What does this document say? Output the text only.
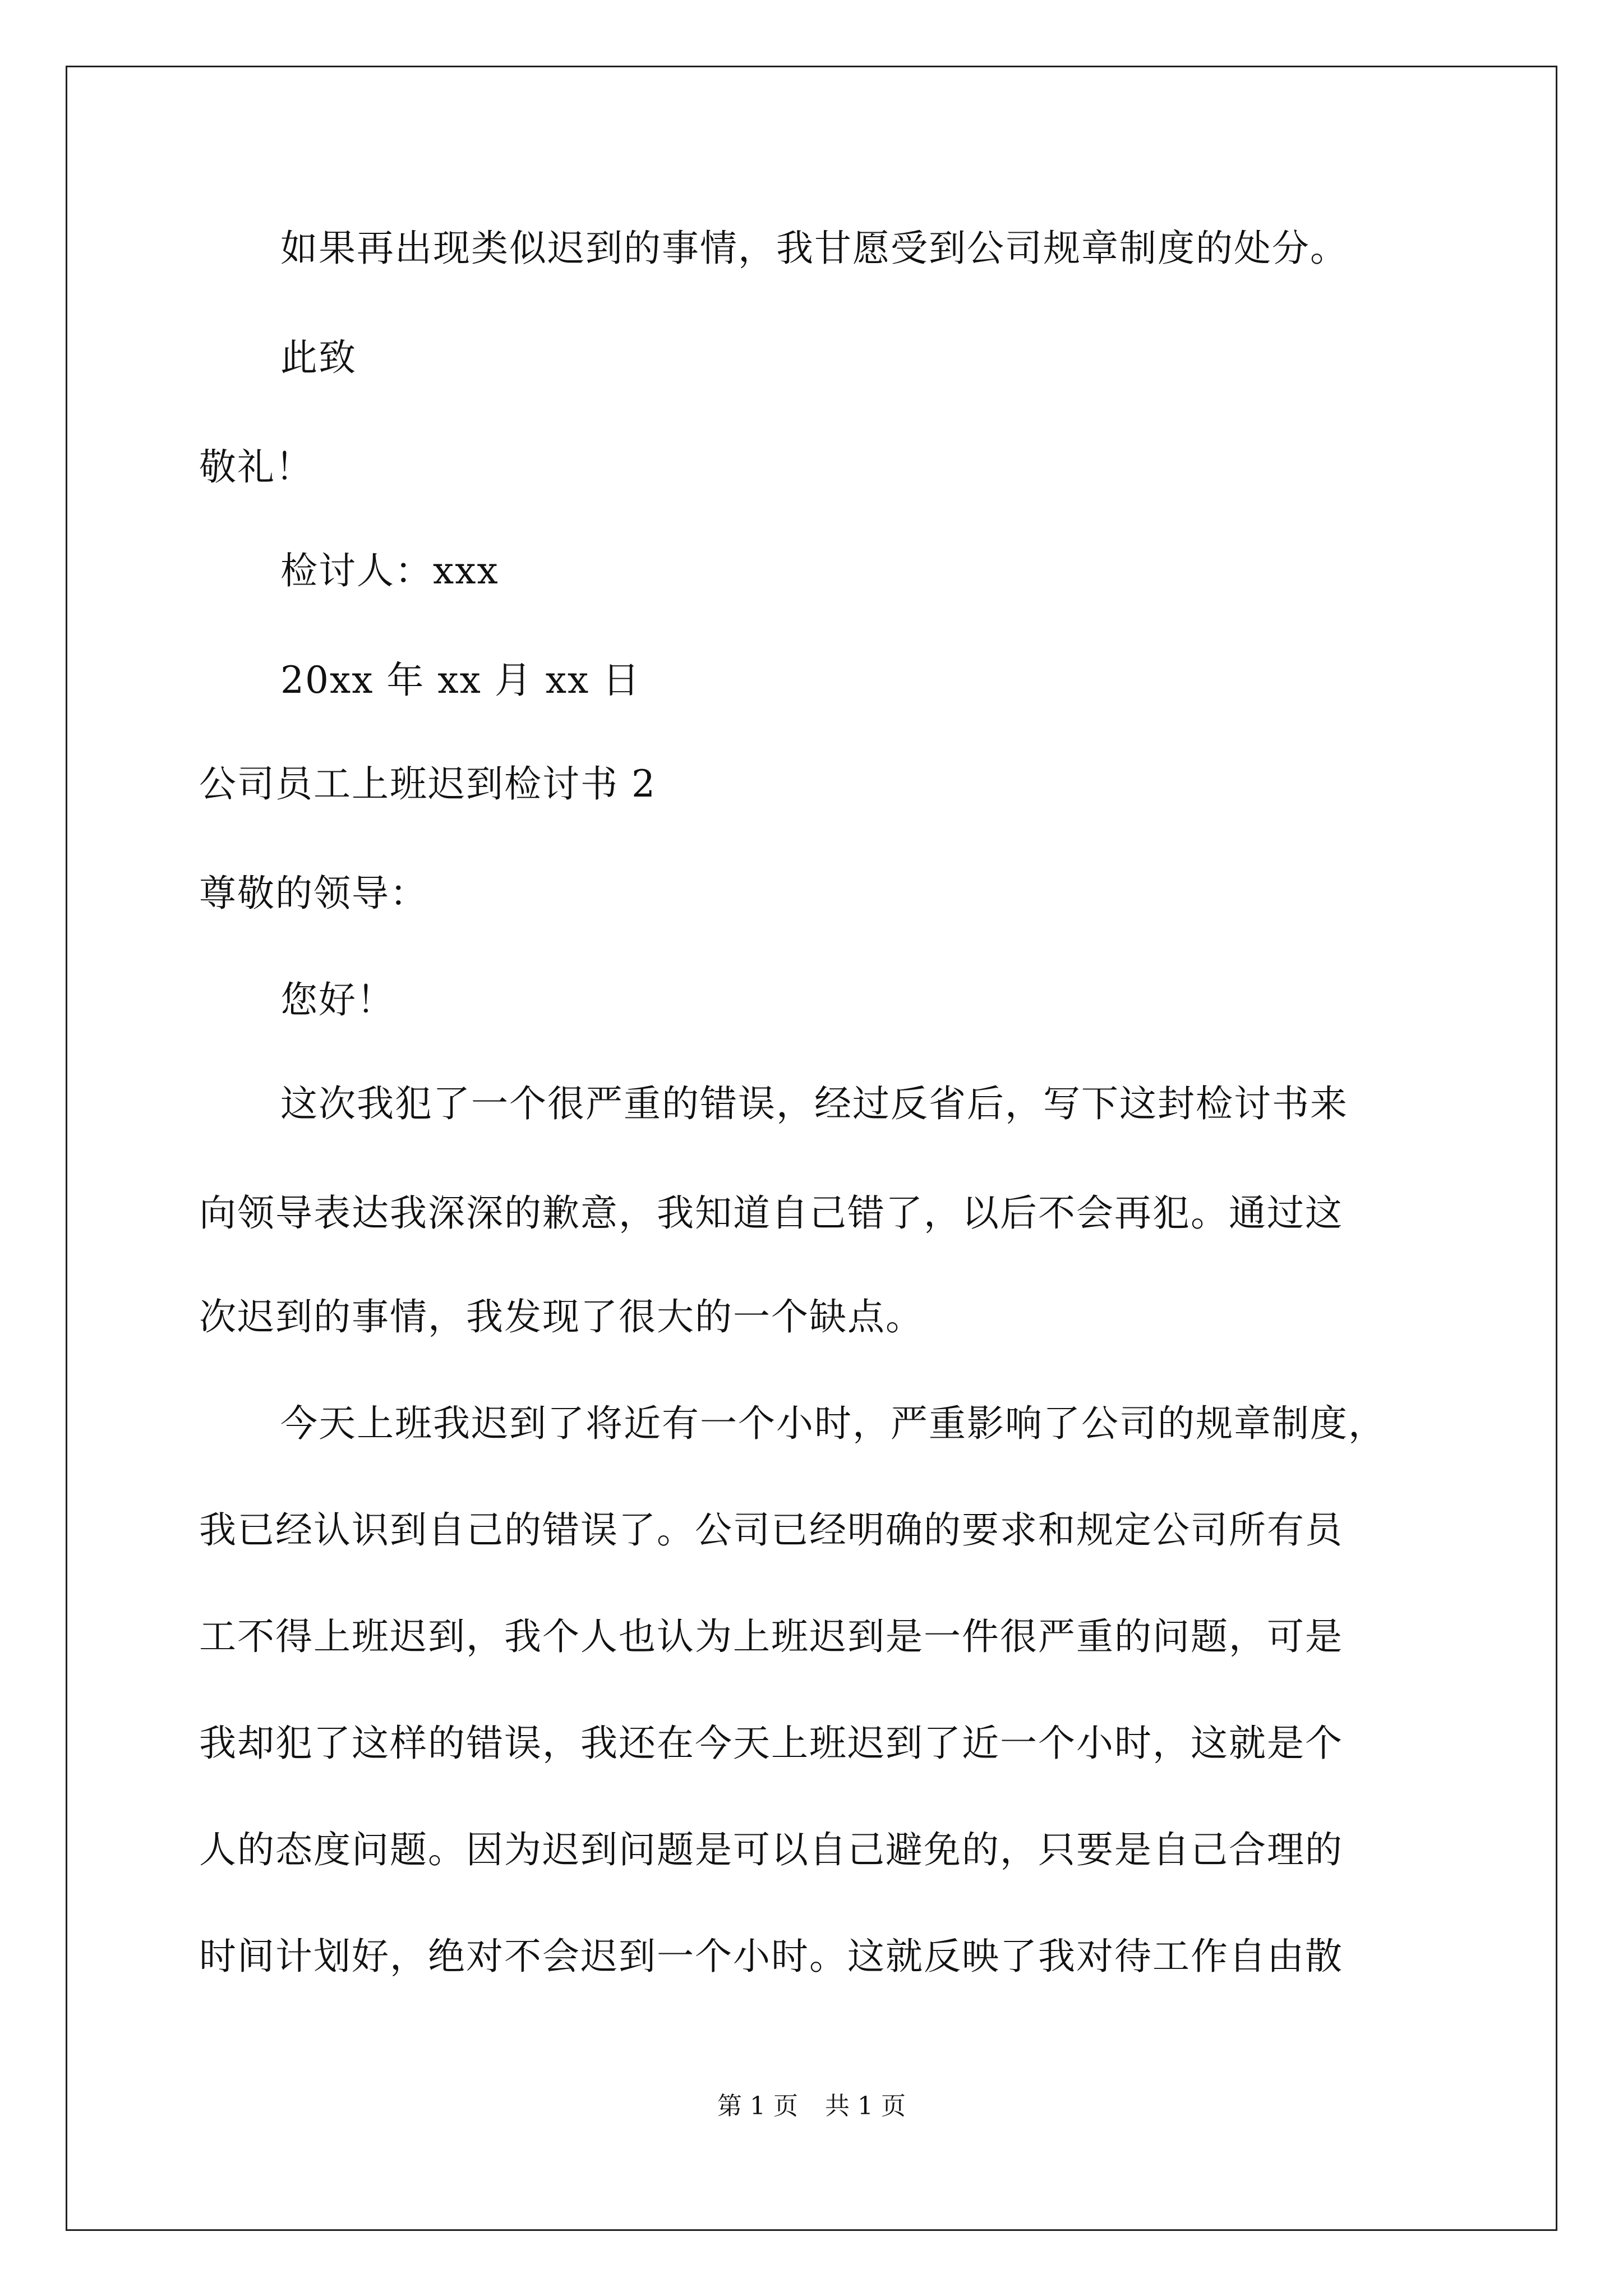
如果再出现类似迟到的事情，我甘愿受到公司规章制度的处分。
此致
敬礼！
检讨人：xxx
20xx 年 xx 月 xx 日
公司员工上班迟到检讨书 2
尊敬的领导：
您好！
这次我犯了一个很严重的错误，经过反省后，写下这封检讨书来
向领导表达我深深的歉意，我知道自己错了，以后不会再犯。通过这
次迟到的事情，我发现了很大的一个缺点。
今天上班我迟到了将近有一个小时，严重影响了公司的规章制度，
我已经认识到自己的错误了。公司已经明确的要求和规定公司所有员
工不得上班迟到，我个人也认为上班迟到是一件很严重的问题，可是
我却犯了这样的错误，我还在今天上班迟到了近一个小时，这就是个
人的态度问题。因为迟到问题是可以自己避免的，只要是自己合理的
时间计划好，绝对不会迟到一个小时。这就反映了我对待工作自由散
第 1 页 共 1 页
